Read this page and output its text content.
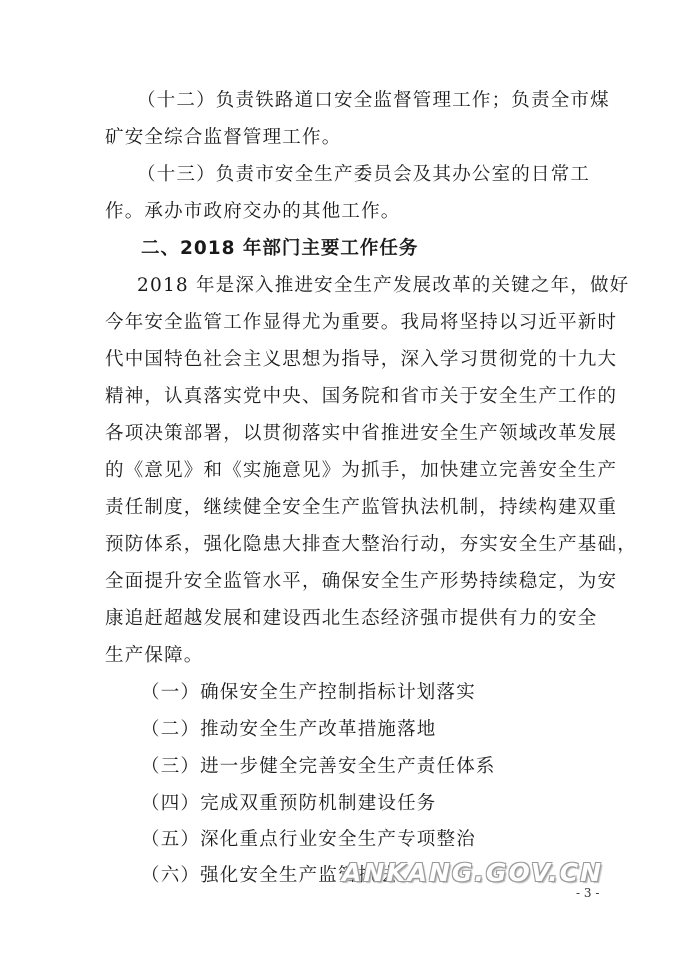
（十二）负责铁路道口安全监督管理工作；负责全市煤
矿安全综合监督管理工作。
（十三）负责市安全生产委员会及其办公室的日常工
作。承办市政府交办的其他工作。
二、2018 年部门主要工作任务
2018 年是深入推进安全生产发展改革的关键之年，做好
今年安全监管工作显得尤为重要。我局将坚持以习近平新时
代中国特色社会主义思想为指导，深入学习贯彻党的十九大
精神，认真落实党中央、国务院和省市关于安全生产工作的
各项决策部署，以贯彻落实中省推进安全生产领域改革发展
的《意见》和《实施意见》为抓手，加快建立完善安全生产
责任制度，继续健全安全生产监管执法机制，持续构建双重
预防体系，强化隐患大排查大整治行动，夯实安全生产基础，
全面提升安全监管水平，确保安全生产形势持续稳定，为安
康追赶超越发展和建设西北生态经济强市提供有力的安全
生产保障。
（一）确保安全生产控制指标计划落实
（二）推动安全生产改革措施落地
（三）进一步健全完善安全生产责任体系
（四）完成双重预防机制建设任务
（五）深化重点行业安全生产专项整治
（六）强化安全生产监管执法
ANKANG.GOV.CN
- 3 -
